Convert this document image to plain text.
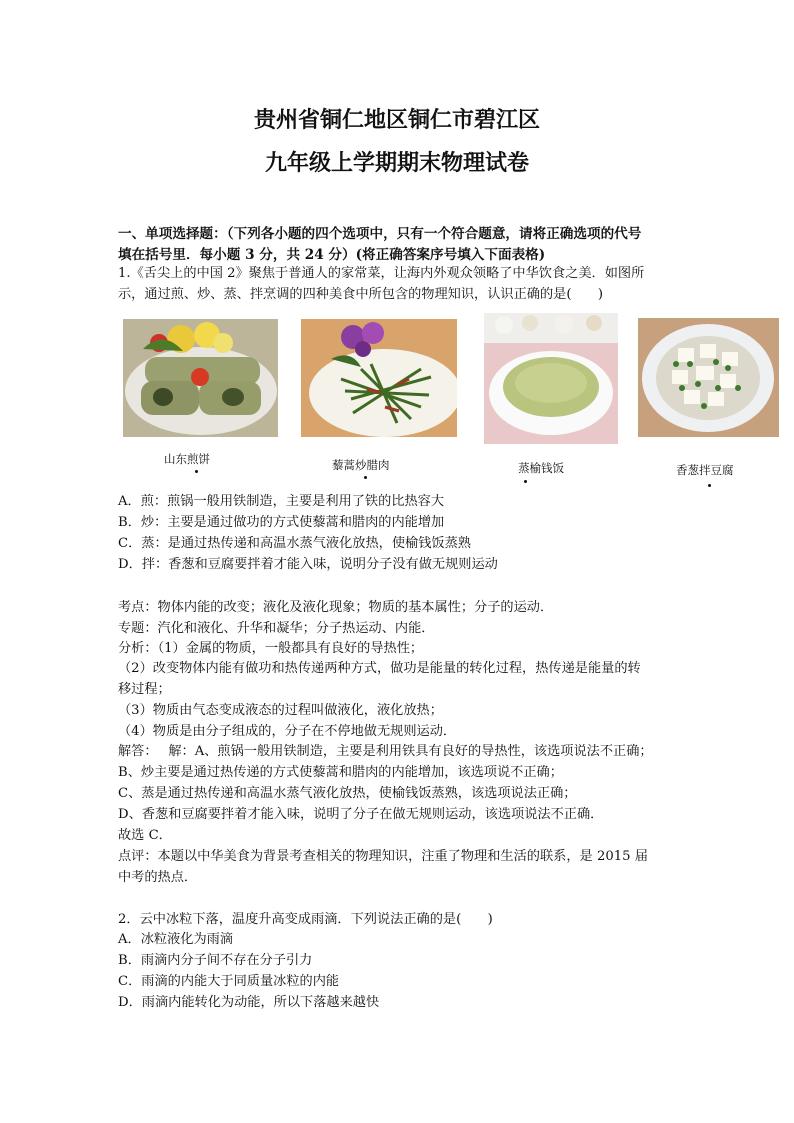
贵州省铜仁地区铜仁市碧江区
九年级上学期期末物理试卷
一、单项选择题：（下列各小题的四个选项中，只有一个符合题意，请将正确选项的代号
填在括号里．每小题 3 分，共 24 分）(将正确答案序号填入下面表格)
1.《舌尖上的中国 2》聚焦于普通人的家常菜，让海内外观众领略了中华饮食之美．如图所
示，通过煎、炒、蒸、拌烹调的四种美食中所包含的物理知识，认识正确的是(　　)
山东煎饼	藜蒿炒腊肉	蒸榆钱饭	香葱拌豆腐
A．煎：煎锅一般用铁制造，主要是利用了铁的比热容大
B．炒：主要是通过做功的方式使藜蒿和腊肉的内能增加
C．蒸：是通过热传递和高温水蒸气液化放热，使榆钱饭蒸熟
D．拌：香葱和豆腐要拌着才能入味，说明分子没有做无规则运动
考点：物体内能的改变；液化及液化现象；物质的基本属性；分子的运动．
专题：汽化和液化、升华和凝华；分子热运动、内能．
分析：（1）金属的物质，一般都具有良好的导热性；
（2）改变物体内能有做功和热传递两种方式，做功是能量的转化过程，热传递是能量的转
移过程；
（3）物质由气态变成液态的过程叫做液化，液化放热；
（4）物质是由分子组成的，分子在不停地做无规则运动．
解答：　 解：A、煎锅一般用铁制造，主要是利用铁具有良好的导热性，该选项说法不正确；
B、炒主要是通过热传递的方式使藜蒿和腊肉的内能增加，该选项说不正确；
C、蒸是通过热传递和高温水蒸气液化放热，使榆钱饭蒸熟，该选项说法正确；
D、香葱和豆腐要拌着才能入味，说明了分子在做无规则运动，该选项说法不正确．
故选 C．
点评：本题以中华美食为背景考查相关的物理知识，注重了物理和生活的联系，是 2015 届
中考的热点．
2．云中冰粒下落，温度升高变成雨滴．下列说法正确的是(　　)
A．冰粒液化为雨滴
B．雨滴内分子间不存在分子引力
C．雨滴的内能大于同质量冰粒的内能
D．雨滴内能转化为动能，所以下落越来越快
